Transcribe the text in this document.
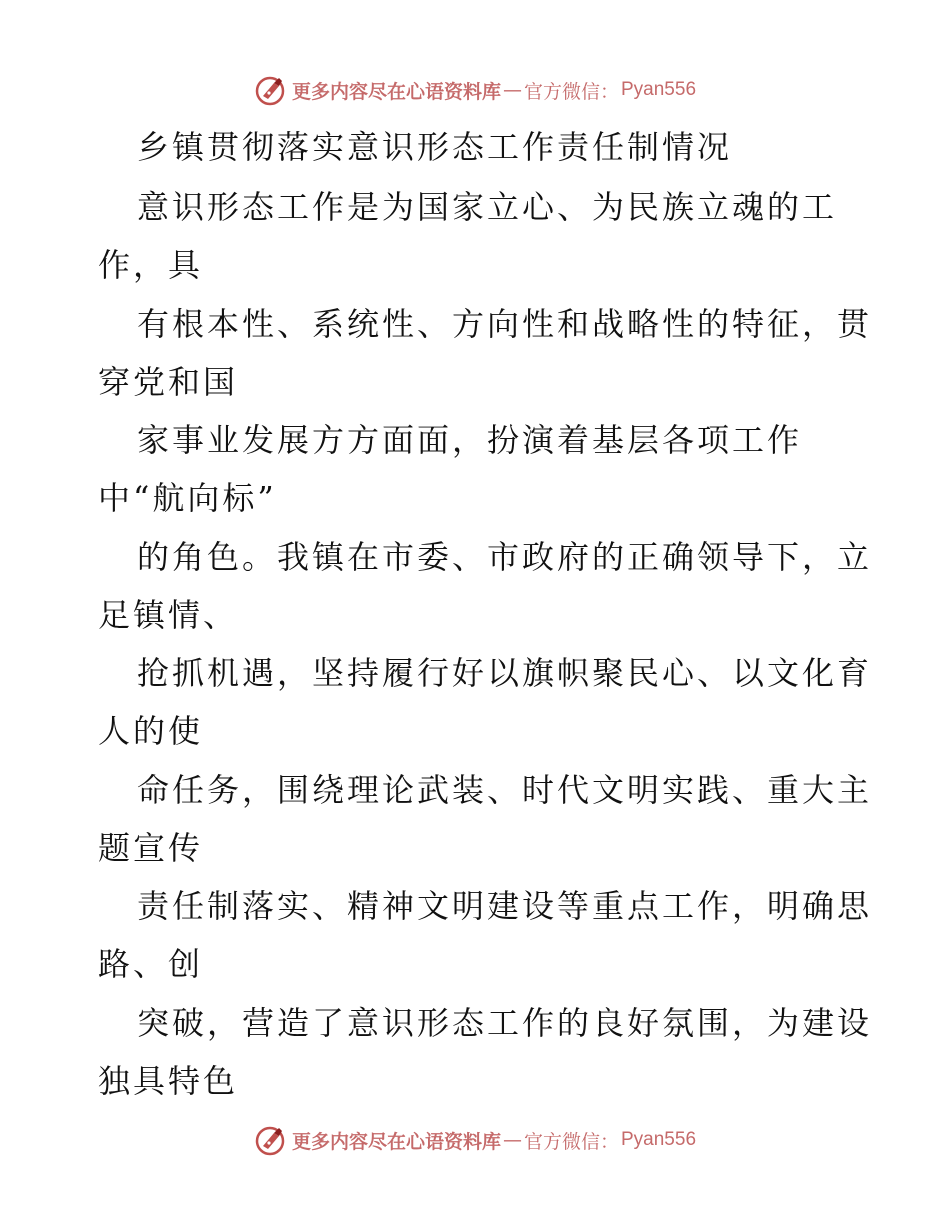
更多内容尽在心语资料库 — 官方微信： Pyan556
乡镇贯彻落实意识形态工作责任制情况
意识形态工作是为国家立心、为民族立魂的工
作，具
有根本性、系统性、方向性和战略性的特征，贯
穿党和国
家事业发展方方面面，扮演着基层各项工作
中“航向标”
的角色。我镇在市委、市政府的正确领导下，立
足镇情、
抢抓机遇，坚持履行好以旗帜聚民心、以文化育
人的使
命任务，围绕理论武装、时代文明实践、重大主
题宣传
责任制落实、精神文明建设等重点工作，明确思
路、创
突破，营造了意识形态工作的良好氛围，为建设
独具特色
更多内容尽在心语资料库 — 官方微信： Pyan556
